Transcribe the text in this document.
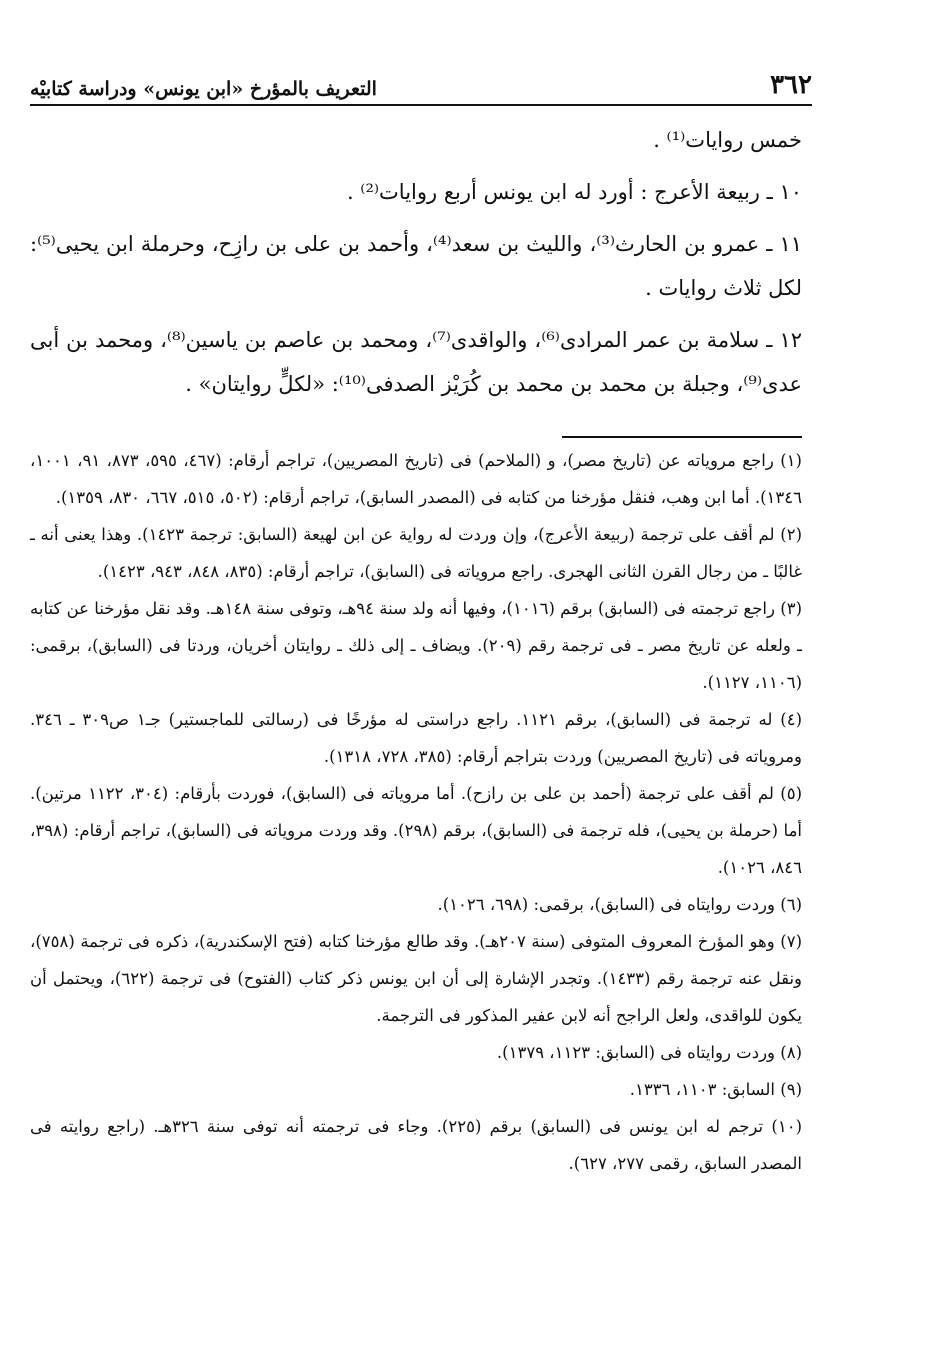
٣٦٢
التعريف بالمؤرخ «ابن يونس» ودراسة كتابيْه

خمس روايات⁽¹⁾ .

١٠ ـ ربيعة الأعرج : أورد له ابن يونس أربع روايات⁽²⁾ .

١١ ـ عمرو بن الحارث⁽³⁾، والليث بن سعد⁽⁴⁾، وأحمد بن على بن رازِح، وحرملة ابن يحيى⁽⁵⁾: لكل ثلاث روايات .

١٢ ـ سلامة بن عمر المرادى⁽⁶⁾، والواقدى⁽⁷⁾، ومحمد بن عاصم بن ياسين⁽⁸⁾، ومحمد بن أبى عدى⁽⁹⁾، وجبلة بن محمد بن محمد بن كُرَيْز الصدفى⁽¹⁰⁾: «لكلٍّ روايتان» .

(١) راجع مروياته عن (تاريخ مصر)، و (الملاحم) فى (تاريخ المصريين)، تراجم أرقام: (٤٦٧، ٥٩٥، ٨٧٣، ٩١، ١٠٠١، ١٣٤٦). أما ابن وهب، فنقل مؤرخنا من كتابه فى (المصدر السابق)، تراجم أرقام: (٥٠٢، ٥١٥، ٦٦٧، ٨٣٠، ١٣٥٩).

(٢) لم أقف على ترجمة (ربيعة الأعرج)، وإن وردت له رواية عن ابن لهيعة (السابق: ترجمة ١٤٢٣). وهذا يعنى أنه ـ غالبًا ـ من رجال القرن الثانى الهجرى. راجع مروياته فى (السابق)، تراجم أرقام: (٨٣٥، ٨٤٨، ٩٤٣، ١٤٢٣).

(٣) راجع ترجمته فى (السابق) برقم (١٠١٦)، وفيها أنه ولد سنة ٩٤هـ، وتوفى سنة ١٤٨هـ. وقد نقل مؤرخنا عن كتابه ـ ولعله عن تاريخ مصر ـ فى ترجمة رقم (٢٠٩). ويضاف ـ إلى ذلك ـ روايتان أخريان، وردتا فى (السابق)، برقمى: (١١٠٦، ١١٢٧).

(٤) له ترجمة فى (السابق)، برقم ١١٢١. راجع دراستى له مؤرخًا فى (رسالتى للماجستير) جـ١ ص٣٠٩ ـ ٣٤٦. ومروياته فى (تاريخ المصريين) وردت بتراجم أرقام: (٣٨٥، ٧٢٨، ١٣١٨).

(٥) لم أقف على ترجمة (أحمد بن على بن رازح). أما مروياته فى (السابق)، فوردت بأرقام: (٣٠٤، ١١٢٢ مرتين). أما (حرملة بن يحيى)، فله ترجمة فى (السابق)، برقم (٢٩٨). وقد وردت مروياته فى (السابق)، تراجم أرقام: (٣٩٨، ٨٤٦، ١٠٢٦).

(٦) وردت روايتاه فى (السابق)، برقمى: (٦٩٨، ١٠٢٦).

(٧) وهو المؤرخ المعروف المتوفى (سنة ٢٠٧هـ). وقد طالع مؤرخنا كتابه (فتح الإسكندرية)، ذكره فى ترجمة (٧٥٨)، ونقل عنه ترجمة رقم (١٤٣٣). وتجدر الإشارة إلى أن ابن يونس ذكر كتاب (الفتوح) فى ترجمة (٦٢٢)، ويحتمل أن يكون للواقدى، ولعل الراجح أنه لابن عفير المذكور فى الترجمة.

(٨) وردت روايتاه فى (السابق: ١١٢٣، ١٣٧٩).

(٩) السابق: ١١٠٣، ١٣٣٦.

(١٠) ترجم له ابن يونس فى (السابق) برقم (٢٢٥). وجاء فى ترجمته أنه توفى سنة ٣٢٦هـ. (راجع روايته فى المصدر السابق، رقمى ٢٧٧، ٦٢٧).
